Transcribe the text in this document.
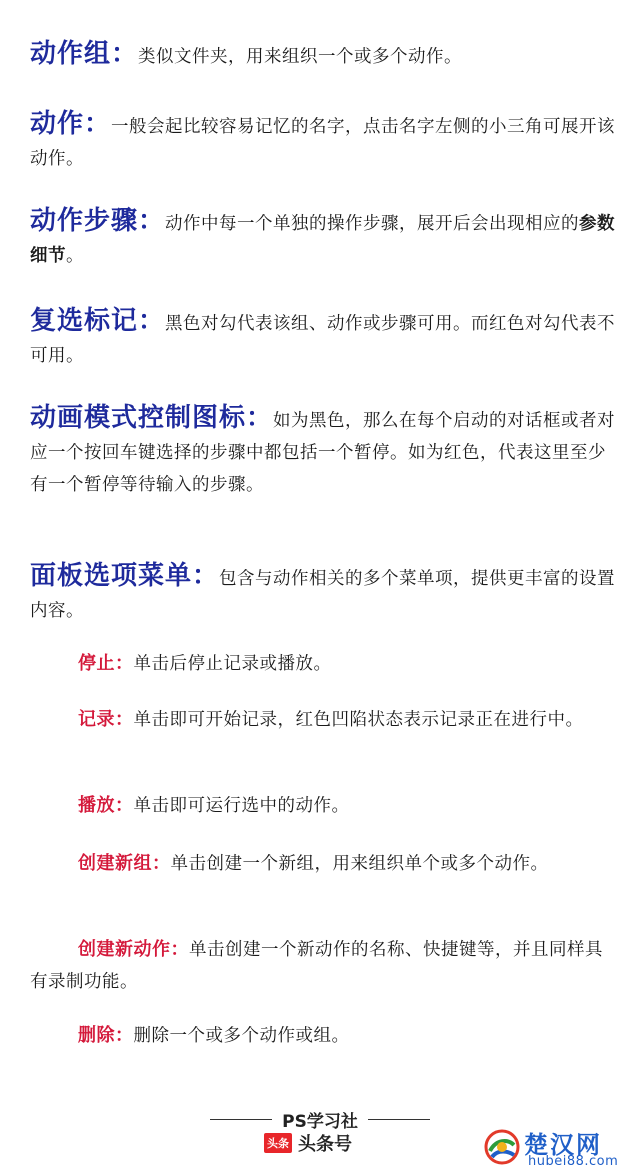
动作组：类似文件夹，用来组织一个或多个动作。

动作：一般会起比较容易记忆的名字，点击名字左侧的小三角可展开该动作。

动作步骤：动作中每一个单独的操作步骤，展开后会出现相应的参数细节。

复选标记：黑色对勾代表该组、动作或步骤可用。而红色对勾代表不可用。

动画模式控制图标：如为黑色，那么在每个启动的对话框或者对应一个按回车键选择的步骤中都包括一个暂停。如为红色，代表这里至少有一个暂停等待输入的步骤。

面板选项菜单：包含与动作相关的多个菜单项，提供更丰富的设置内容。

停止：单击后停止记录或播放。

记录：单击即可开始记录，红色凹陷状态表示记录正在进行中。

播放：单击即可运行选中的动作。

创建新组：单击创建一个新组，用来组织单个或多个动作。

创建新动作：单击创建一个新动作的名称、快捷键等，并且同样具有录制功能。

删除：删除一个或多个动作或组。

PS学习社
头条 头条号	楚汉网
hubei88.com
